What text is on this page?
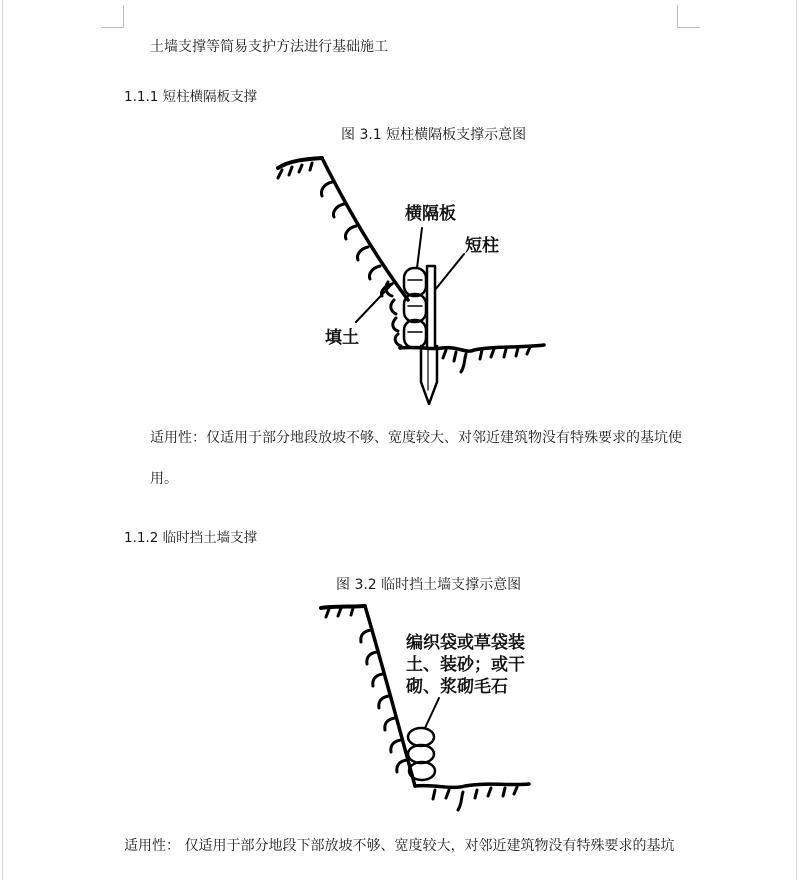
土墙支撑等简易支护方法进行基础施工
1.1.1 短柱横隔板支撑
图 3.1 短柱横隔板支撑示意图
横隔板
短柱
填土
适用性：仅适用于部分地段放坡不够、宽度较大、对邻近建筑物没有特殊要求的基坑使
用。
1.1.2 临时挡土墙支撑
图 3.2 临时挡土墙支撑示意图
编织袋或草袋装
土、装砂；或干
砌、浆砌毛石
适用性： 仅适用于部分地段下部放坡不够、宽度较大，对邻近建筑物没有特殊要求的基坑
